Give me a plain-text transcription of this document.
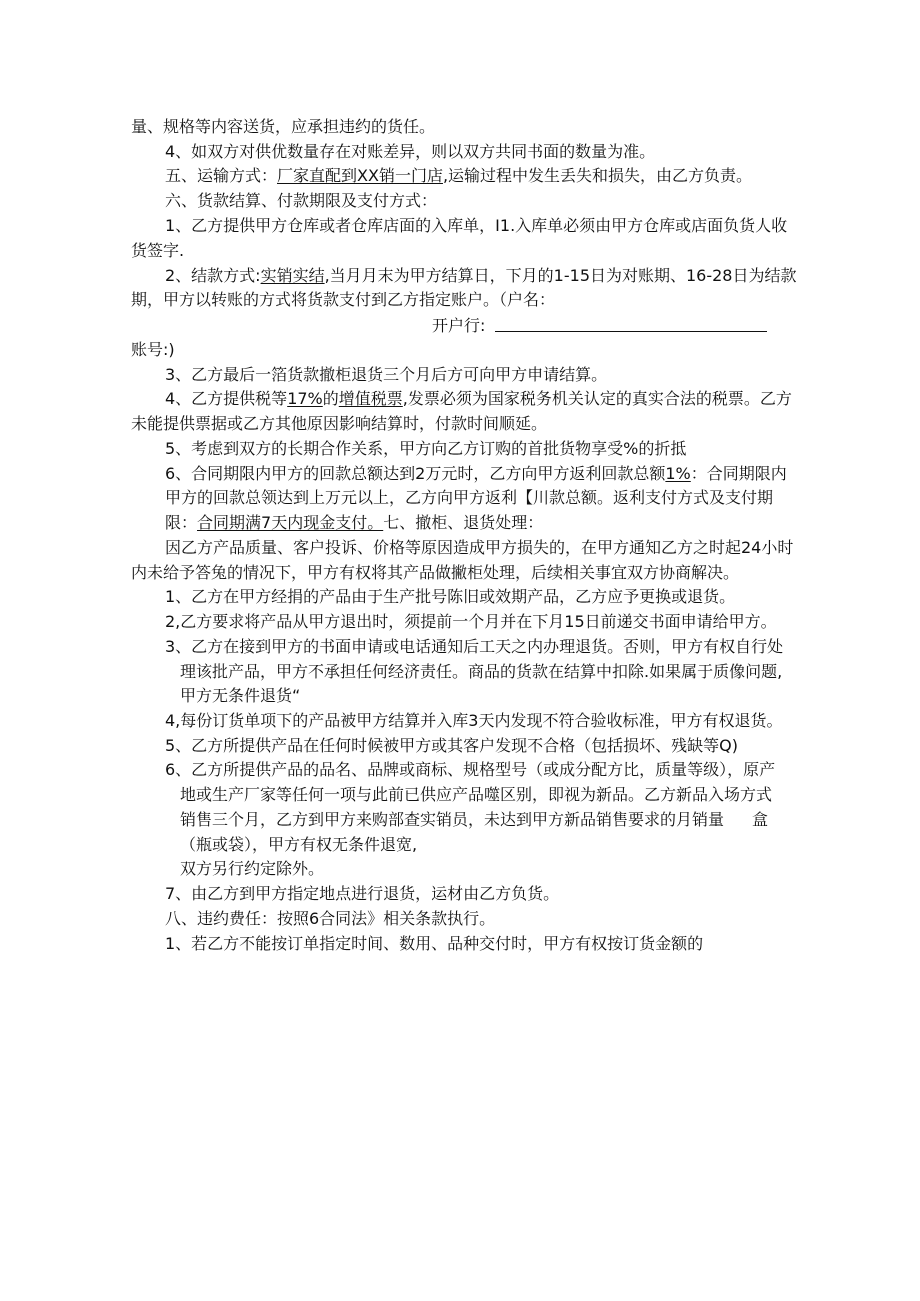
量、规格等内容送货，应承担违约的货任。
4、如双方对供优数量存在对账差异，则以双方共同书面的数量为准。
五、运输方式：厂家直配到XX销一门店,运输过程中发生丢失和损失，由乙方负责。
六、货款结算、付款期限及支付方式：
1、乙方提供甲方仓库或者仓库店面的入库单，I1.入库单必须由甲方仓库或店面负货人收
货签字.
2、结款方式:实销实结,当月月末为甲方结算日，下月的1-15日为对账期、16-28日为结款
期，甲方以转账的方式将货款支付到乙方指定账户。（户名：
开户行:
账号:)
3、乙方最后一箔货款撤柜退货三个月后方可向甲方申请结算。
4、乙方提供税等17%的增值税票,发票必须为国家税务机关认定的真实合法的税票。乙方
未能提供票据或乙方其他原因影响结算时，付款时间顺延。
5、考虑到双方的长期合作关系，甲方向乙方订购的首批货物享受%的折抵
6、合同期限内甲方的回款总额达到2万元时，乙方向甲方返利回款总额1%：合同期限内
甲方的回款总领达到上万元以上，乙方向甲方返利【川款总额。返利支付方式及支付期
限：合同期满7天内现金支付。七、撤柜、退货处理：
因乙方产品质量、客户投诉、价格等原因造成甲方损失的，在甲方通知乙方之时起24小时
内未给予答兔的情况下，甲方有权将其产品做撇柜处理，后续相关事宜双方协商解决。
1、乙方在甲方经捐的产品由于生产批号陈旧或效期产品，乙方应予更换或退货。
2,乙方要求将产品从甲方退出时，须提前一个月并在下月15日前递交书面申请给甲方。
3、乙方在接到甲方的书面申请或电话通知后工天之内办理退货。否则，甲方有权自行处
理该批产品，甲方不承担任何经济责任。商品的货款在结算中扣除.如果属于质像问题,
甲方无条件退货“
4,每份订货单项下的产品被甲方结算并入库3天内发现不符合验收标准，甲方有权退货。
5、乙方所提供产品在任何时候被甲方或其客户发现不合格（包括损坏、残缺等Q)
6、乙方所提供产品的品名、品牌或商标、规格型号（或成分配方比，质量等级），原产
地或生产厂家等任何一项与此前已供应产品噬区别，即视为新品。乙方新品入场方式
销售三个月，乙方到甲方来购部查实销员，未达到甲方新品销售要求的月销量 盒
（瓶或袋），甲方有权无条件退宽,
双方另行约定除外。
7、由乙方到甲方指定地点进行退货，运材由乙方负货。
八、违约费任：按照6合同法》相关条款执行。
1、若乙方不能按订单指定时间、数用、品种交付时，甲方有权按订货金额的
